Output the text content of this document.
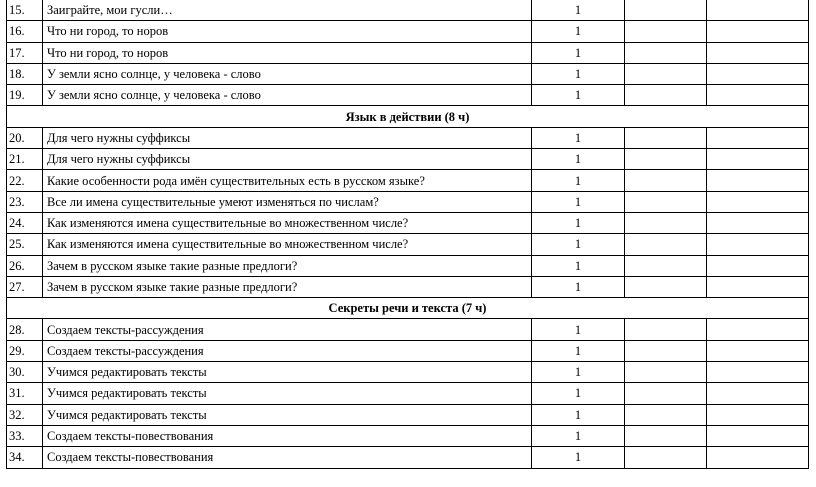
15.	Заиграйте, мои гусли…	1		
16.	Что ни город, то норов	1		
17.	Что ни город, то норов	1		
18.	У земли ясно солнце, у человека - слово	1		
19.	У земли ясно солнце, у человека - слово	1		
Язык в действии (8 ч)				
20.	Для чего нужны суффиксы	1		
21.	Для чего нужны суффиксы	1		
22.	Какие особенности рода имён существительных есть в русском языке?	1		
23.	Все ли имена существительные умеют изменяться по числам?	1		
24.	Как изменяются имена существительные во множественном числе?	1		
25.	Как изменяются имена существительные во множественном числе?	1		
26.	Зачем в русском языке такие разные предлоги?	1		
27.	Зачем в русском языке такие разные предлоги?	1		
Секреты речи и текста (7 ч)				
28.	Создаем тексты-рассуждения	1		
29.	Создаем тексты-рассуждения	1		
30.	Учимся редактировать тексты	1		
31.	Учимся редактировать тексты	1		
32.	Учимся редактировать тексты	1		
33.	Создаем тексты-повествования	1		
34.	Создаем тексты-повествования	1		
